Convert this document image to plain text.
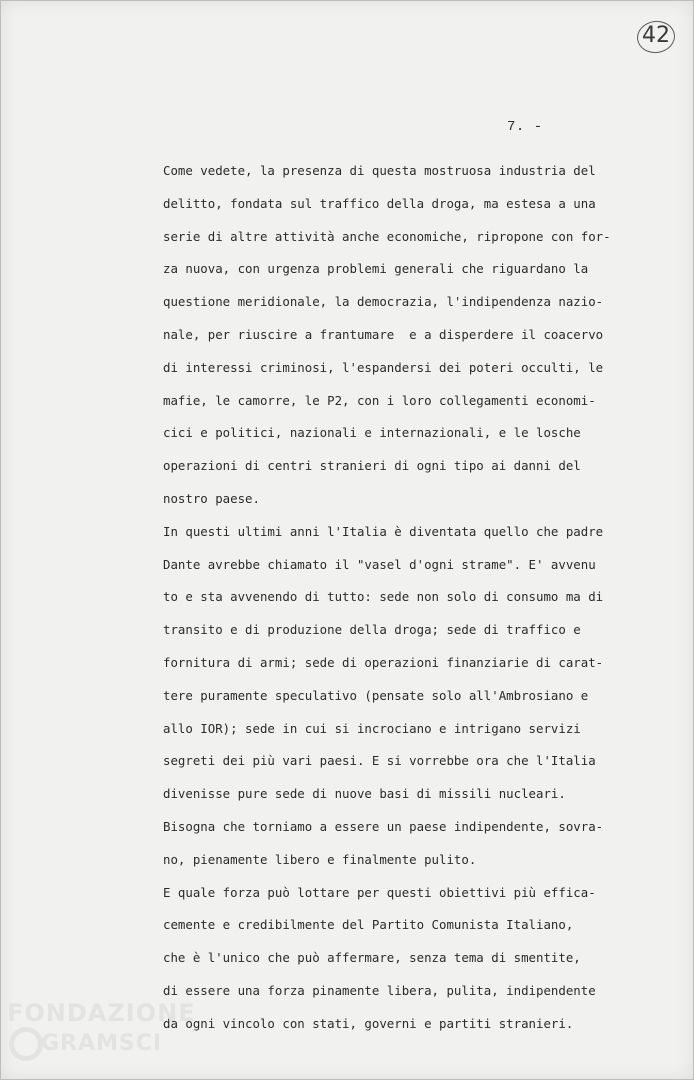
42
7. -
Come vedete, la presenza di questa mostruosa industria del
delitto, fondata sul traffico della droga, ma estesa a una
serie di altre attività anche economiche, ripropone con for-
za nuova, con urgenza problemi generali che riguardano la
questione meridionale, la democrazia, l'indipendenza nazio-
nale, per riuscire a frantumare  e a disperdere il coacervo
di interessi criminosi, l'espandersi dei poteri occulti, le
mafie, le camorre, le P2, con i loro collegamenti economi-
cici e politici, nazionali e internazionali, e le losche
operazioni di centri stranieri di ogni tipo ai danni del
nostro paese.
In questi ultimi anni l'Italia è diventata quello che padre
Dante avrebbe chiamato il "vasel d'ogni strame". E' avvenu
to e sta avvenendo di tutto: sede non solo di consumo ma di
transito e di produzione della droga; sede di traffico e
fornitura di armi; sede di operazioni finanziarie di carat-
tere puramente speculativo (pensate solo all'Ambrosiano e
allo IOR); sede in cui si incrociano e intrigano servizi
segreti dei più vari paesi. E si vorrebbe ora che l'Italia
divenisse pure sede di nuove basi di missili nucleari.
Bisogna che torniamo a essere un paese indipendente, sovra-
no, pienamente libero e finalmente pulito.
E quale forza può lottare per questi obiettivi più effica-
cemente e credibilmente del Partito Comunista Italiano,
che è l'unico che può affermare, senza tema di smentite,
di essere una forza pinamente libera, pulita, indipendente
da ogni vincolo con stati, governi e partiti stranieri.
FONDAZIONE
GRAMSCI
